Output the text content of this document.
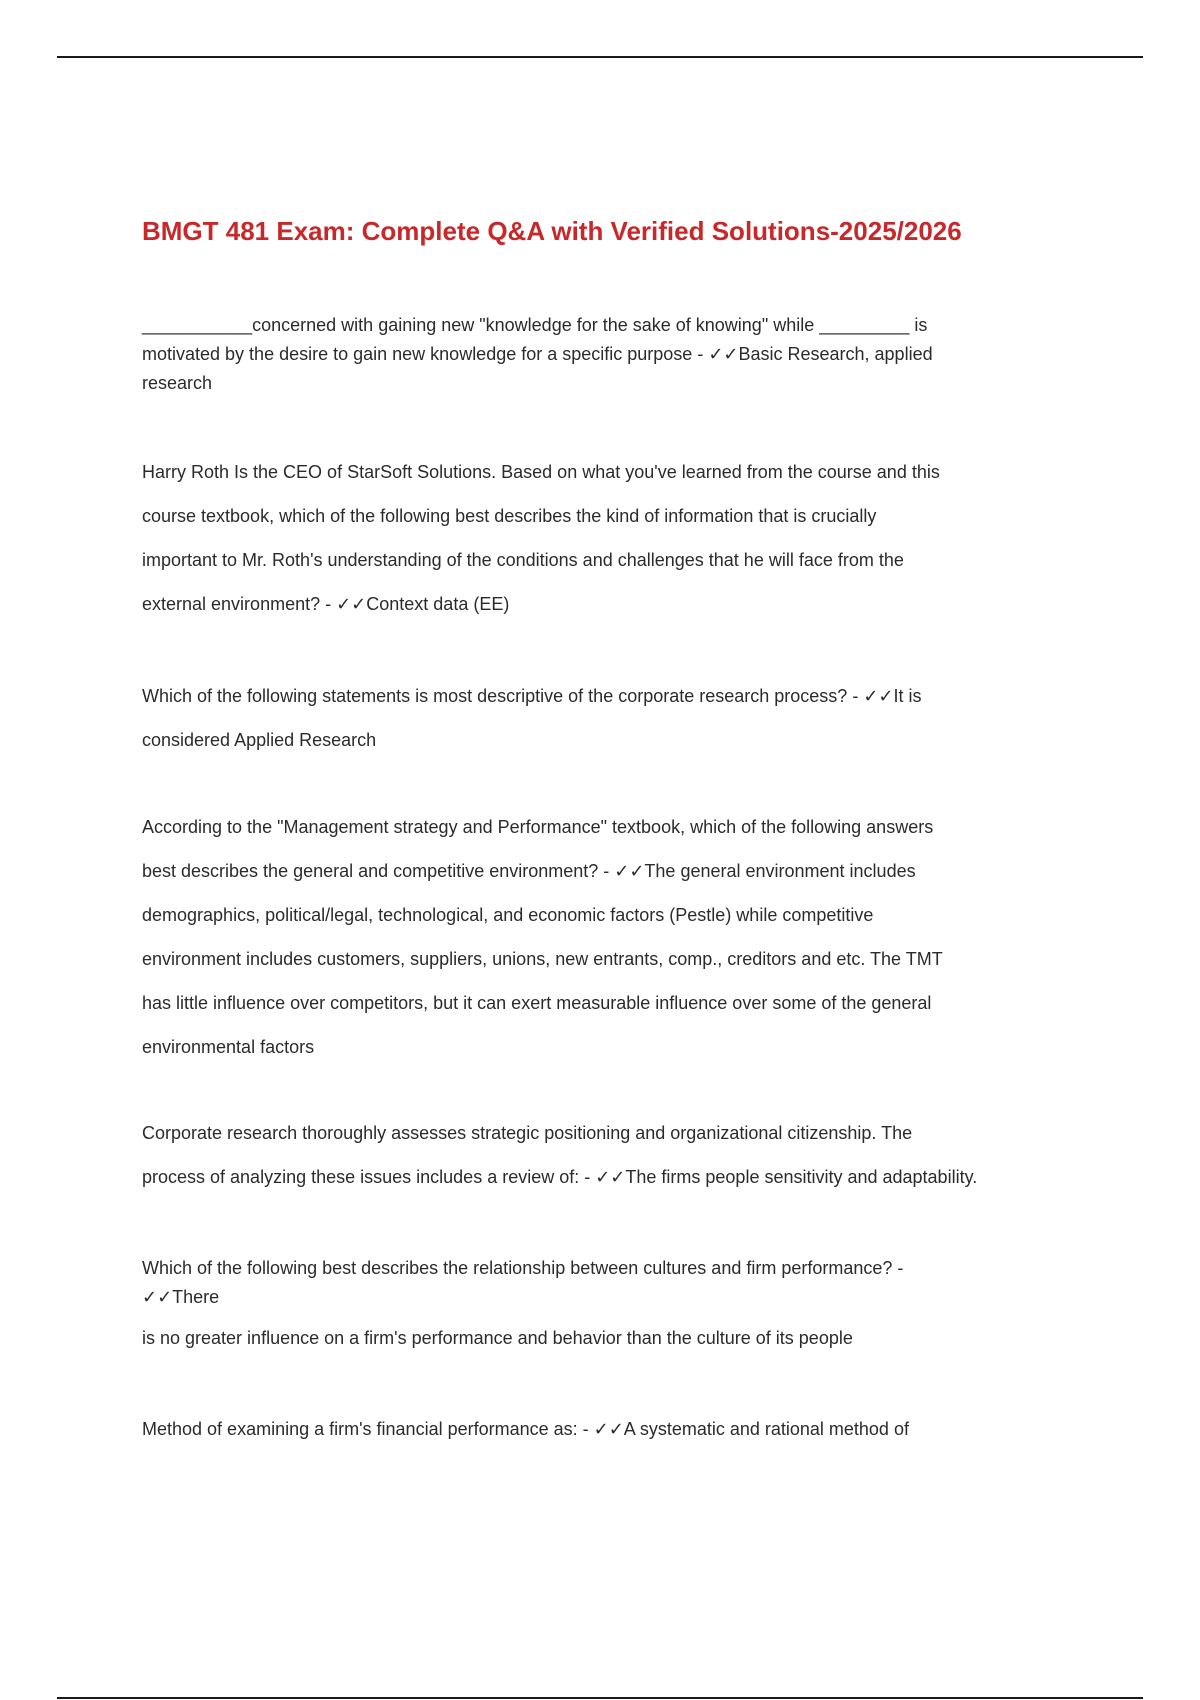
BMGT 481 Exam: Complete Q&A with Verified Solutions-2025/2026
___________concerned with gaining new "knowledge for the sake of knowing" while _________ is
motivated by the desire to gain new knowledge for a specific purpose - ✓✓Basic Research, applied
research
Harry Roth Is the CEO of StarSoft Solutions. Based on what you've learned from the course and this
course textbook, which of the following best describes the kind of information that is crucially
important to Mr. Roth's understanding of the conditions and challenges that he will face from the
external environment? - ✓✓Context data (EE)
Which of the following statements is most descriptive of the corporate research process? - ✓✓It is
considered Applied Research
According to the "Management strategy and Performance" textbook, which of the following answers
best describes the general and competitive environment? - ✓✓The general environment includes
demographics, political/legal, technological, and economic factors (Pestle) while competitive
environment includes customers, suppliers, unions, new entrants, comp., creditors and etc. The TMT
has little influence over competitors, but it can exert measurable influence over some of the general
environmental factors
Corporate research thoroughly assesses strategic positioning and organizational citizenship. The
process of analyzing these issues includes a review of: - ✓✓The firms people sensitivity and adaptability.
Which of the following best describes the relationship between cultures and firm performance? -
✓✓There
is no greater influence on a firm's performance and behavior than the culture of its people
Method of examining a firm's financial performance as: - ✓✓A systematic and rational method of
